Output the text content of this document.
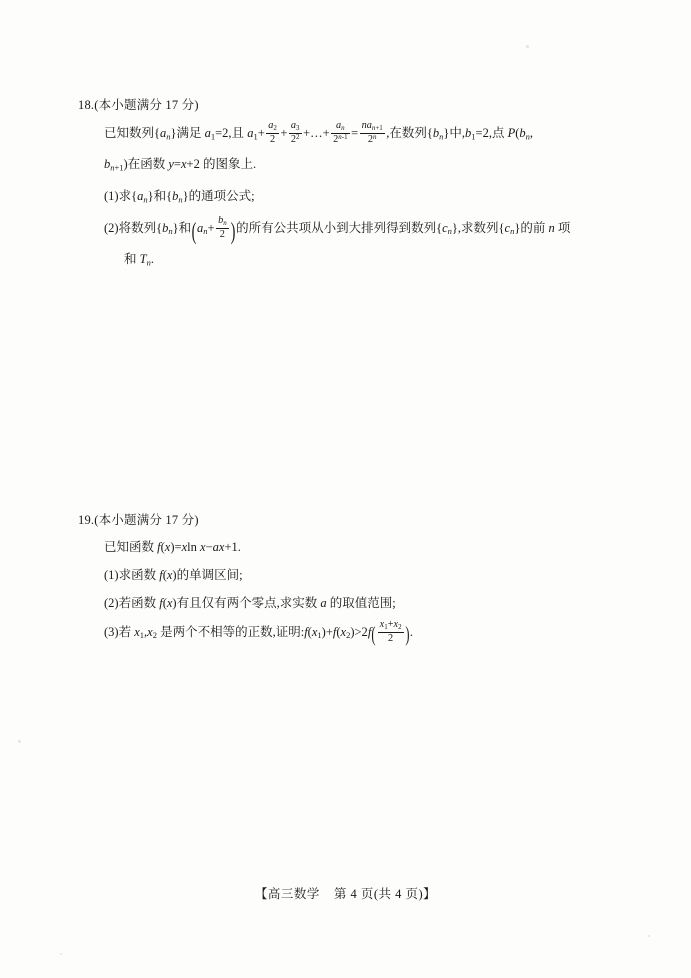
18.(本小题满分 17 分)

已知数列$\{a_n\}$满足 $a_1=2$,且 $a_1+ \frac{a_2}{2} + \frac{a_3}{2^2}$ +…+ $\frac{a_n}{2^{n-1}} = \frac{na_{n+1}}{2^n}$ ,在数列$\{b_n\}$中$,b_1=2$,点 $P(b_n$,

$b_{n+1}$)在函数 y=x+2 的图象上.

(1)求$\{a_n\}$和$\{b_n\}$的通项公式;

(2)将数列$\{b_n\}$和($a_n+ \frac{b_n}{2}$ )的所有公共项从小到大排列得到数列$\{c_n\}$,求数列$\{c_n\}$的前 n 项

和 $T_n$.

19.(本小题满分 17 分)

已知函数 f(x)=xln x−ax+1.

(1)求函数 f(x)的单调区间;

(2)若函数 f(x)有且仅有两个零点,求实数 a 的取值范围;

(3)若 $x_1,x_2$ 是两个不相等的正数,证明$:f(x_1)+f(x_2)>2f( \frac{x_1+x_2}{2}$ ).

【高三数学 第 4 页(共 4 页)】
